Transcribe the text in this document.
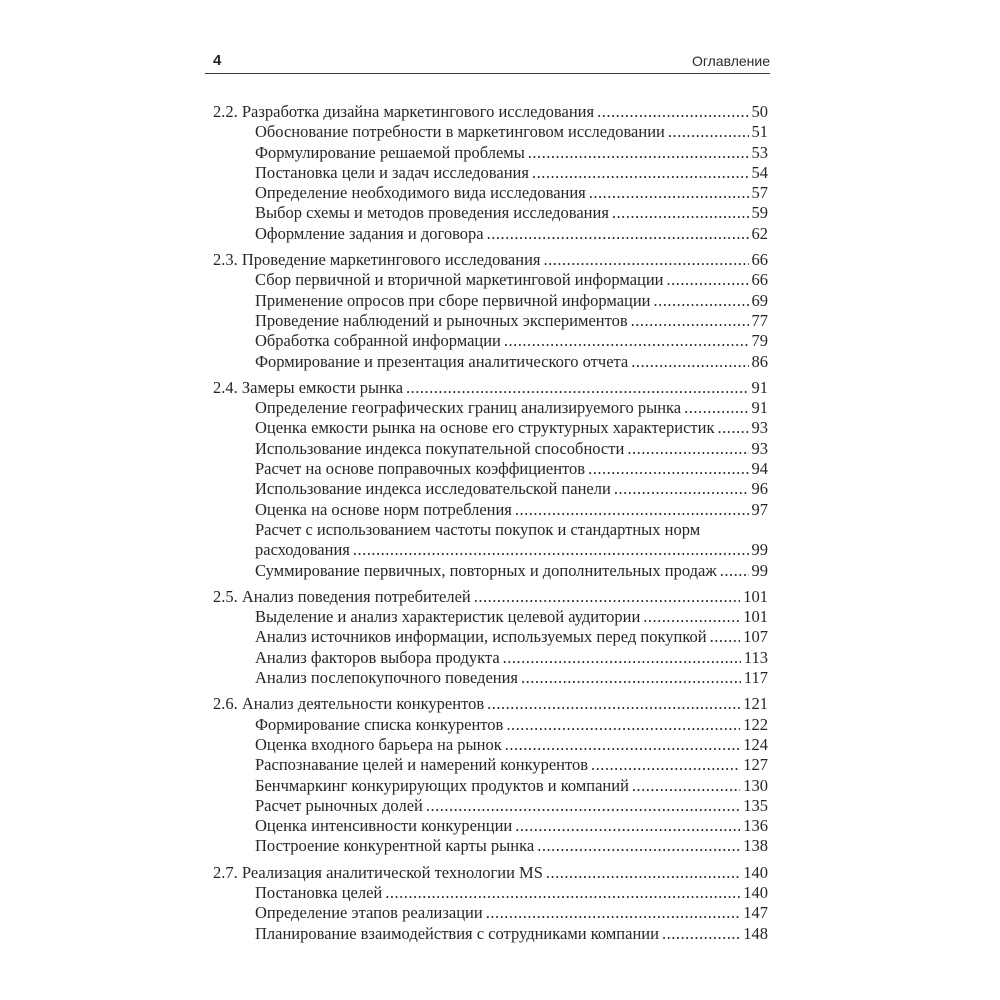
4	Оглавление
2.2. Разработка дизайна маркетингового исследования .....	50
Обоснование потребности в маркетинговом исследовании .....	51
Формулирование решаемой проблемы .....	53
Постановка цели и задач исследования .....	54
Определение необходимого вида исследования .....	57
Выбор схемы и методов проведения исследования .....	59
Оформление задания и договора .....	62
2.3. Проведение маркетингового исследования .....	66
Сбор первичной и вторичной маркетинговой информации .....	66
Применение опросов при сборе первичной информации .....	69
Проведение наблюдений и рыночных экспериментов .....	77
Обработка собранной информации .....	79
Формирование и презентация аналитического отчета .....	86
2.4. Замеры емкости рынка .....	91
Определение географических границ анализируемого рынка .....	91
Оценка емкости рынка на основе его структурных характеристик ..... 93
Использование индекса покупательной способности .....	93
Расчет на основе поправочных коэффициентов .....	94
Использование индекса исследовательской панели .....	96
Оценка на основе норм потребления .....	97
Расчет с использованием частоты покупок и стандартных норм
расходования .....	99
Суммирование первичных, повторных и дополнительных продаж ..... 99
2.5. Анализ поведения потребителей .....	101
Выделение и анализ характеристик целевой аудитории .....	101
Анализ источников информации, используемых перед покупкой ..... 107
Анализ факторов выбора продукта .....	113
Анализ послепокупочного поведения .....	117
2.6. Анализ деятельности конкурентов .....	121
Формирование списка конкурентов .....	122
Оценка входного барьера на рынок .....	124
Распознавание целей и намерений конкурентов .....	127
Бенчмаркинг конкурирующих продуктов и компаний .....	130
Расчет рыночных долей .....	135
Оценка интенсивности конкуренции .....	136
Построение конкурентной карты рынка .....	138
2.7. Реализация аналитической технологии MS .....	140
Постановка целей .....	140
Определение этапов реализации .....	147
Планирование взаимодействия с сотрудниками компании .....	148
